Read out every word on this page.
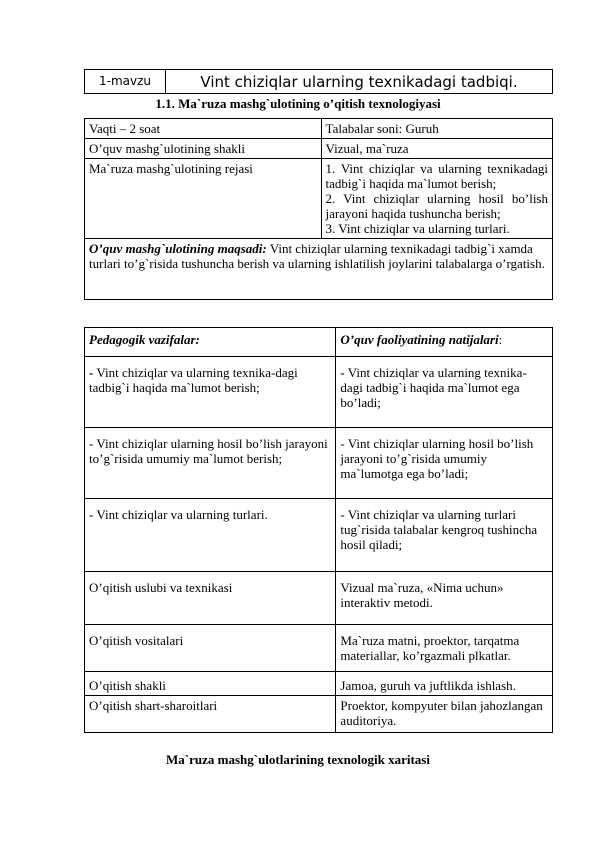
1-mavzu	Vint chiziqlar ularning texnikadagi tadbiqi.
1.1. Ma`ruza mashg`ulotining o’qitish texnologiyasi
Vaqti – 2 soat	Talabalar soni: Guruh
O’quv mashg`ulotining shakli	Vizual, ma`ruza
Ma`ruza mashg`ulotining rejasi	1. Vint chiziqlar va ularning texnikadagi tadbig`i haqida ma`lumot berish;
2. Vint chiziqlar ularning hosil bo’lish jarayoni haqida tushuncha berish;
3. Vint chiziqlar va ularning turlari.

O’quv mashg`ulotining maqsadi: Vint chiziqlar ularning texnikadagi tadbig`i xamda turlari to’g`risida tushuncha berish va ularning ishlatilish joylarini talabalarga o’rgatish.	
Pedagogik vazifalar:	O’quv faoliyatining natijalari:
- Vint chiziqlar va ularning texnika-dagi tadbig`i haqida ma`lumot berish;	- Vint chiziqlar va ularning texnika-dagi tadbig`i haqida ma`lumot ega bo’ladi;
- Vint chiziqlar ularning hosil bo’lish jarayoni to’g`risida umumiy ma`lumot berish;	- Vint chiziqlar ularning hosil bo’lish jarayoni to’g`risida umumiy ma`lumotga ega bo’ladi;
- Vint chiziqlar va ularning turlari.	- Vint chiziqlar va ularning turlari tug`risida talabalar kengroq tushincha hosil qiladi;
O’qitish uslubi va texnikasi	Vizual ma`ruza, «Nima uchun» interaktiv metodi.
O’qitish vositalari	Ma`ruza matni, proektor, tarqatma materiallar, ko’rgazmali plkatlar.
O’qitish shakli	Jamoa, guruh va juftlikda ishlash.
O’qitish shart-sharoitlari	Proektor, kompyuter bilan jahozlangan auditoriya.
Ma`ruza mashg`ulotlarining texnologik xaritasi
